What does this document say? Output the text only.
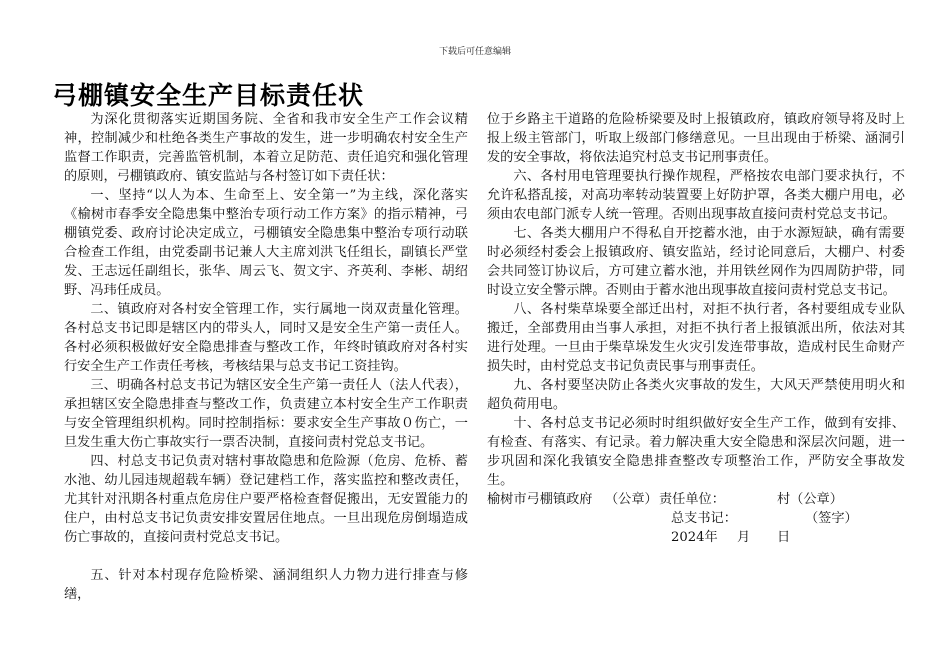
下载后可任意编辑
弓棚镇安全生产目标责任状

为深化贯彻落实近期国务院、全省和我市安全生产工作会议精神，控制减少和杜绝各类生产事故的发生，进一步明确农村安全生产监督工作职责，完善监管机制，本着立足防范、责任追究和强化管理的原则，弓棚镇政府、镇安监站与各村签订如下责任状：

一、坚持“以人为本、生命至上、安全第一”为主线，深化落实《榆树市春季安全隐患集中整治专项行动工作方案》的指示精神，弓棚镇党委、政府讨论决定成立，弓棚镇安全隐患集中整治专项行动联合检查工作组，由党委副书记兼人大主席刘洪飞任组长，副镇长严堂发、王志远任副组长，张华、周云飞、贺文宇、齐英利、李彬、胡绍野、冯玮任成员。

二、镇政府对各村安全管理工作，实行属地一岗双责量化管理。各村总支书记即是辖区内的带头人，同时又是安全生产第一责任人。各村必须积极做好安全隐患排查与整改工作，年终时镇政府对各村实行安全生产工作责任考核，考核结果与总支书记工资挂钩。

三、明确各村总支书记为辖区安全生产第一责任人（法人代表），承担辖区安全隐患排查与整改工作，负责建立本村安全生产工作职责与安全管理组织机构。同时控制指标：要求安全生产事故０伤亡，一旦发生重大伤亡事故实行一票否决制，直接问责村党总支书记。

四、村总支书记负责对辖村事故隐患和危险源（危房、危桥、蓄水池、幼儿园违规超载车辆）登记建档工作，落实监控和整改责任，尤其针对汛期各村重点危房住户要严格检查督促搬出，无安置能力的住户，由村总支书记负责安排安置居住地点。一旦出现危房倒塌造成伤亡事故的，直接问责村党总支书记。

五、针对本村现存危险桥梁、涵洞组织人力物力进行排查与修缮，

位于乡路主干道路的危险桥梁要及时上报镇政府，镇政府领导将及时上报上级主管部门，听取上级部门修缮意见。一旦出现由于桥梁、涵洞引发的安全事故，将依法追究村总支书记刑事责任。

六、各村用电管理要执行操作规程，严格按农电部门要求执行，不允许私搭乱接，对高功率转动装置要上好防护罩，各类大棚户用电，必须由农电部门派专人统一管理。否则出现事故直接问责村党总支书记。

七、各类大棚用户不得私自开挖蓄水池，由于水源短缺，确有需要时必须经村委会上报镇政府、镇安监站，经讨论同意后，大棚户、村委会共同签订协议后，方可建立蓄水池，并用铁丝网作为四周防护带，同时设立安全警示牌。否则由于蓄水池出现事故直接问责村党总支书记。

八、各村柴草垛要全部迁出村，对拒不执行者，各村要组成专业队搬迁，全部费用由当事人承担，对拒不执行者上报镇派出所，依法对其进行处理。一旦由于柴草垛发生火灾引发连带事故，造成村民生命财产损失时，由村党总支书记负责民事与刑事责任。

九、各村要坚决防止各类火灾事故的发生，大风天严禁使用明火和超负荷用电。

十、各村总支书记必须时时组织做好安全生产工作，做到有安排、有检查、有落实、有记录。着力解决重大安全隐患和深层次问题，进一步巩固和深化我镇安全隐患排查整改专项整治工作，严防安全事故发生。

榆树市弓棚镇政府 （公章） 责任单位：	村（公章）
总支书记：	（签字）
2024年 月 日
